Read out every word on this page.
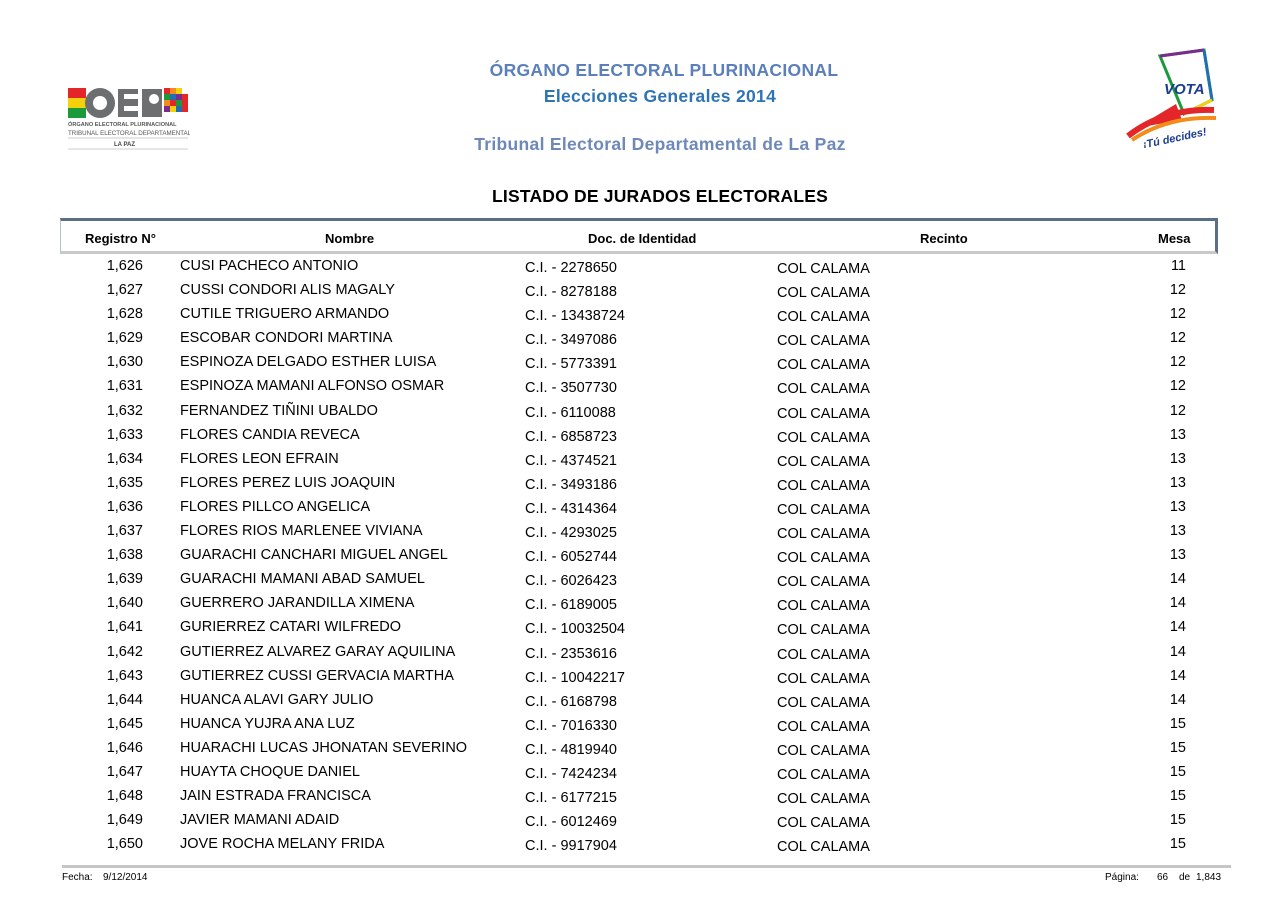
ÓRGANO ELECTORAL PLURINACIONAL
TRIBUNAL ELECTORAL DEPARTAMENTAL
LA PAZ
VOTA
¡Tú decides!
ÓRGANO ELECTORAL PLURINACIONAL
Elecciones Generales 2014
Tribunal Electoral Departamental de La Paz
LISTADO DE JURADOS ELECTORALES
Registro N°	Nombre	Doc. de Identidad	Recinto	Mesa
1,626	CUSI PACHECO ANTONIO	C.I. - 2278650	COL CALAMA	11
1,627	CUSSI CONDORI ALIS MAGALY	C.I. - 8278188	COL CALAMA	12
1,628	CUTILE TRIGUERO ARMANDO	C.I. - 13438724	COL CALAMA	12
1,629	ESCOBAR CONDORI MARTINA	C.I. - 3497086	COL CALAMA	12
1,630	ESPINOZA DELGADO ESTHER LUISA	C.I. - 5773391	COL CALAMA	12
1,631	ESPINOZA MAMANI ALFONSO OSMAR	C.I. - 3507730	COL CALAMA	12
1,632	FERNANDEZ TIÑINI UBALDO	C.I. - 6110088	COL CALAMA	12
1,633	FLORES CANDIA REVECA	C.I. - 6858723	COL CALAMA	13
1,634	FLORES LEON EFRAIN	C.I. - 4374521	COL CALAMA	13
1,635	FLORES PEREZ LUIS JOAQUIN	C.I. - 3493186	COL CALAMA	13
1,636	FLORES PILLCO ANGELICA	C.I. - 4314364	COL CALAMA	13
1,637	FLORES RIOS MARLENEE VIVIANA	C.I. - 4293025	COL CALAMA	13
1,638	GUARACHI CANCHARI MIGUEL ANGEL	C.I. - 6052744	COL CALAMA	13
1,639	GUARACHI MAMANI ABAD SAMUEL	C.I. - 6026423	COL CALAMA	14
1,640	GUERRERO JARANDILLA XIMENA	C.I. - 6189005	COL CALAMA	14
1,641	GURIERREZ CATARI WILFREDO	C.I. - 10032504	COL CALAMA	14
1,642	GUTIERREZ ALVAREZ GARAY AQUILINA	C.I. - 2353616	COL CALAMA	14
1,643	GUTIERREZ CUSSI GERVACIA MARTHA	C.I. - 10042217	COL CALAMA	14
1,644	HUANCA ALAVI GARY JULIO	C.I. - 6168798	COL CALAMA	14
1,645	HUANCA YUJRA ANA LUZ	C.I. - 7016330	COL CALAMA	15
1,646	HUARACHI LUCAS JHONATAN SEVERINO	C.I. - 4819940	COL CALAMA	15
1,647	HUAYTA CHOQUE DANIEL	C.I. - 7424234	COL CALAMA	15
1,648	JAIN ESTRADA FRANCISCA	C.I. - 6177215	COL CALAMA	15
1,649	JAVIER MAMANI ADAID	C.I. - 6012469	COL CALAMA	15
1,650	JOVE ROCHA MELANY FRIDA	C.I. - 9917904	COL CALAMA	15
Fecha: 9/12/2014	Página: 66 de 1,843
